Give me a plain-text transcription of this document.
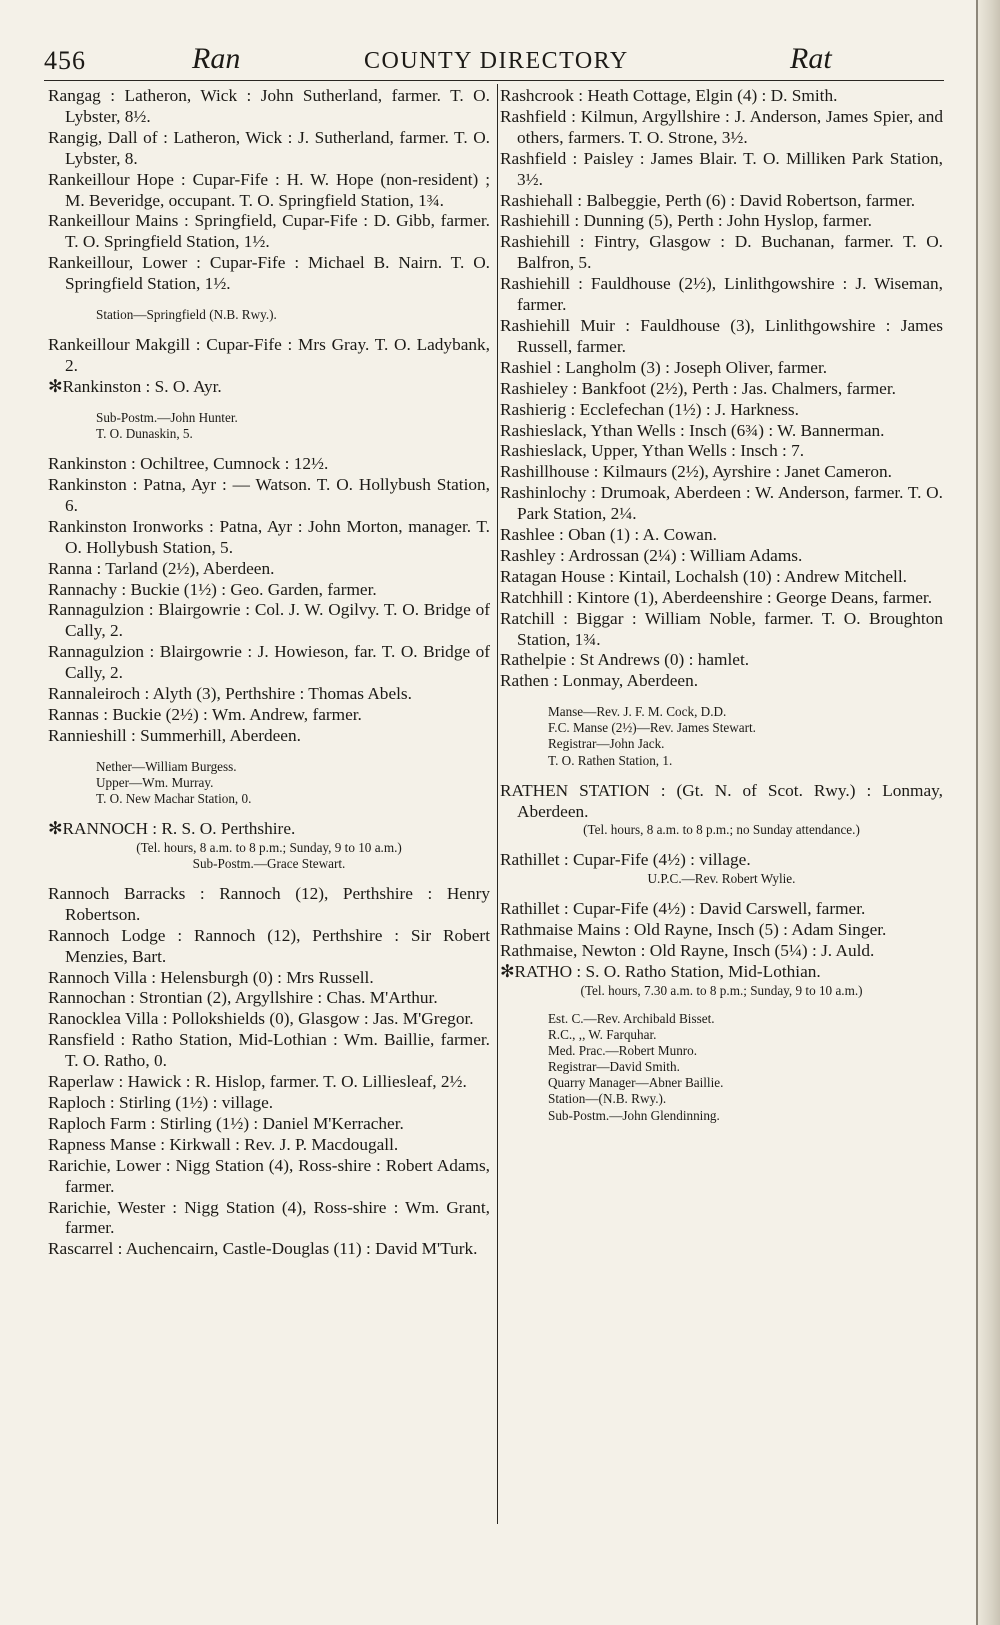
456	Ran	COUNTY DIRECTORY	Rat

Rangag : Latheron, Wick : John Sutherland, farmer. T. O. Lybster, 8½.

Rangig, Dall of : Latheron, Wick : J. Sutherland, farmer. T. O. Lybster, 8.

Rankeillour Hope : Cupar-Fife : H. W. Hope (non-resident) ; M. Beveridge, occupant. T. O. Springfield Station, 1¾.

Rankeillour Mains : Springfield, Cupar-Fife : D. Gibb, farmer. T. O. Springfield Station, 1½.

Rankeillour, Lower : Cupar-Fife : Michael B. Nairn. T. O. Springfield Station, 1½.

Station—Springfield (N.B. Rwy.).

Rankeillour Makgill : Cupar-Fife : Mrs Gray. T. O. Ladybank, 2.

✻Rankinston : S. O. Ayr.

Sub-Postm.—John Hunter.

T. O. Dunaskin, 5.

Rankinston : Ochiltree, Cumnock : 12½.

Rankinston : Patna, Ayr : — Watson. T. O. Hollybush Station, 6.

Rankinston Ironworks : Patna, Ayr : John Morton, manager. T. O. Hollybush Station, 5.

Ranna : Tarland (2½), Aberdeen.

Rannachy : Buckie (1½) : Geo. Garden, farmer.

Rannagulzion : Blairgowrie : Col. J. W. Ogilvy. T. O. Bridge of Cally, 2.

Rannagulzion : Blairgowrie : J. Howieson, far. T. O. Bridge of Cally, 2.

Rannaleiroch : Alyth (3), Perthshire : Thomas Abels.

Rannas : Buckie (2½) : Wm. Andrew, farmer.

Rannieshill : Summerhill, Aberdeen.

Nether—William Burgess.

Upper—Wm. Murray.

T. O. New Machar Station, 0.

✻RANNOCH : R. S. O. Perthshire.

(Tel. hours, 8 a.m. to 8 p.m.; Sunday, 9 to 10 a.m.)

Sub-Postm.—Grace Stewart.

Rannoch Barracks : Rannoch (12), Perthshire : Henry Robertson.

Rannoch Lodge : Rannoch (12), Perthshire : Sir Robert Menzies, Bart.

Rannoch Villa : Helensburgh (0) : Mrs Russell.

Rannochan : Strontian (2), Argyllshire : Chas. M'Arthur.

Ranocklea Villa : Pollokshields (0), Glasgow : Jas. M'Gregor.

Ransfield : Ratho Station, Mid-Lothian : Wm. Baillie, farmer. T. O. Ratho, 0.

Raperlaw : Hawick : R. Hislop, farmer. T. O. Lilliesleaf, 2½.

Raploch : Stirling (1½) : village.

Raploch Farm : Stirling (1½) : Daniel M'Kerracher.

Rapness Manse : Kirkwall : Rev. J. P. Macdougall.

Rarichie, Lower : Nigg Station (4), Ross-shire : Robert Adams, farmer.

Rarichie, Wester : Nigg Station (4), Ross-shire : Wm. Grant, farmer.

Rascarrel : Auchencairn, Castle-Douglas (11) : David M'Turk.

Rashcrook : Heath Cottage, Elgin (4) : D. Smith.

Rashfield : Kilmun, Argyllshire : J. Anderson, James Spier, and others, farmers. T. O. Strone, 3½.

Rashfield : Paisley : James Blair. T. O. Milliken Park Station, 3½.

Rashiehall : Balbeggie, Perth (6) : David Robertson, farmer.

Rashiehill : Dunning (5), Perth : John Hyslop, farmer.

Rashiehill : Fintry, Glasgow : D. Buchanan, farmer. T. O. Balfron, 5.

Rashiehill : Fauldhouse (2½), Linlithgowshire : J. Wiseman, farmer.

Rashiehill Muir : Fauldhouse (3), Linlithgowshire : James Russell, farmer.

Rashiel : Langholm (3) : Joseph Oliver, farmer.

Rashieley : Bankfoot (2½), Perth : Jas. Chalmers, farmer.

Rashierig : Ecclefechan (1½) : J. Harkness.

Rashieslack, Ythan Wells : Insch (6¾) : W. Bannerman.

Rashieslack, Upper, Ythan Wells : Insch : 7.

Rashillhouse : Kilmaurs (2½), Ayrshire : Janet Cameron.

Rashinlochy : Drumoak, Aberdeen : W. Anderson, farmer. T. O. Park Station, 2¼.

Rashlee : Oban (1) : A. Cowan.

Rashley : Ardrossan (2¼) : William Adams.

Ratagan House : Kintail, Lochalsh (10) : Andrew Mitchell.

Ratchhill : Kintore (1), Aberdeenshire : George Deans, farmer.

Ratchill : Biggar : William Noble, farmer. T. O. Broughton Station, 1¾.

Rathelpie : St Andrews (0) : hamlet.

Rathen : Lonmay, Aberdeen.

Manse—Rev. J. F. M. Cock, D.D.

F.C. Manse (2½)—Rev. James Stewart.

Registrar—John Jack.

T. O. Rathen Station, 1.

RATHEN STATION : (Gt. N. of Scot. Rwy.) : Lonmay, Aberdeen.

(Tel. hours, 8 a.m. to 8 p.m.; no Sunday attendance.)

Rathillet : Cupar-Fife (4½) : village.

U.P.C.—Rev. Robert Wylie.

Rathillet : Cupar-Fife (4½) : David Carswell, farmer.

Rathmaise Mains : Old Rayne, Insch (5) : Adam Singer.

Rathmaise, Newton : Old Rayne, Insch (5¼) : J. Auld.

✻RATHO : S. O. Ratho Station, Mid-Lothian.

(Tel. hours, 7.30 a.m. to 8 p.m.; Sunday, 9 to 10 a.m.)

Est. C.—Rev. Archibald Bisset.

R.C., ,, W. Farquhar.

Med. Prac.—Robert Munro.

Registrar—David Smith.

Quarry Manager—Abner Baillie.

Station—(N.B. Rwy.).

Sub-Postm.—John Glendinning.
